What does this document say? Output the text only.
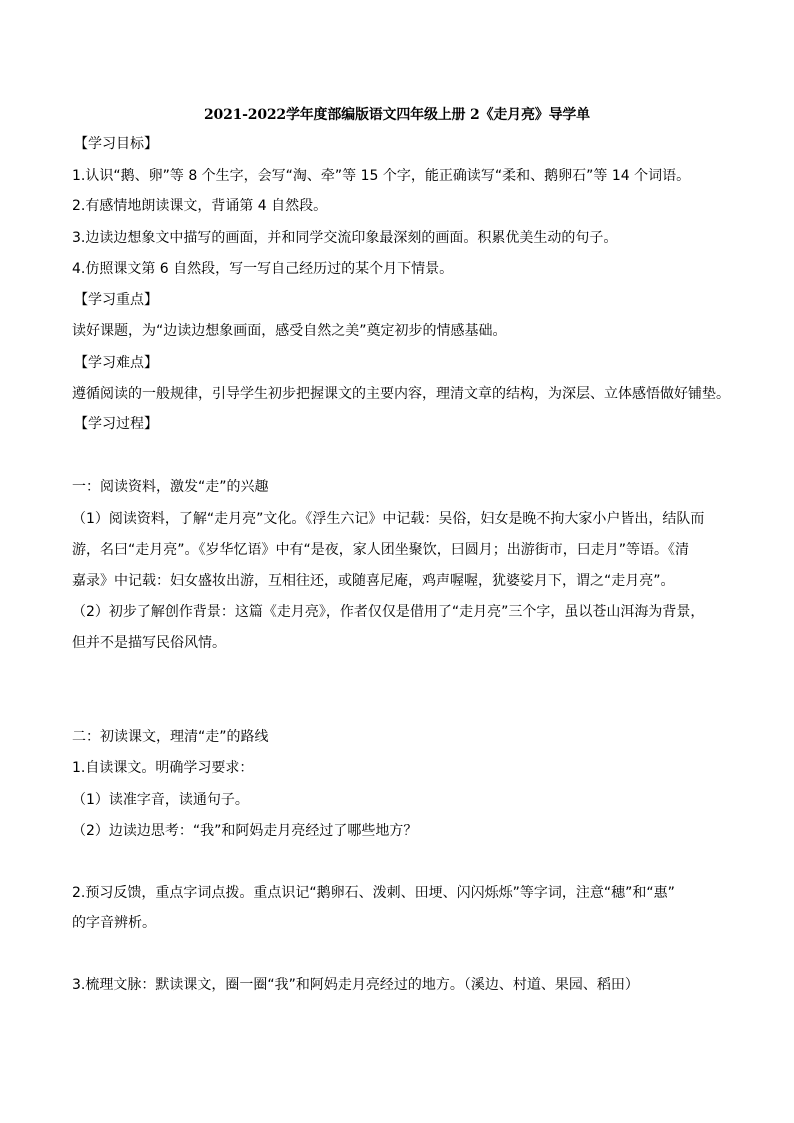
2021-2022学年度部编版语文四年级上册 2《走月亮》导学单
【学习目标】
1.认识“鹅、卵”等 8 个生字，会写“淘、牵”等 15 个字，能正确读写“柔和、鹅卵石”等 14 个词语。
2.有感情地朗读课文，背诵第 4 自然段。
3.边读边想象文中描写的画面，并和同学交流印象最深刻的画面。积累优美生动的句子。
4.仿照课文第 6 自然段，写一写自己经历过的某个月下情景。
【学习重点】
读好课题，为“边读边想象画面，感受自然之美”奠定初步的情感基础。
【学习难点】
遵循阅读的一般规律，引导学生初步把握课文的主要内容，理清文章的结构，为深层、立体感悟做好铺垫。
【学习过程】
一：阅读资料，激发“走”的兴趣
（1）阅读资料，了解“走月亮”文化。《浮生六记》中记载：吴俗，妇女是晚不拘大家小户皆出，结队而
游，名曰“走月亮”。《岁华忆语》中有“是夜，家人团坐聚饮，曰圆月；出游街市，曰走月”等语。《清
嘉录》中记载：妇女盛妆出游，互相往还，或随喜尼庵，鸡声喔喔，犹婆娑月下，谓之“走月亮”。
（2）初步了解创作背景：这篇《走月亮》，作者仅仅是借用了“走月亮”三个字，虽以苍山洱海为背景，
但并不是描写民俗风情。
二：初读课文，理清“走”的路线
1.自读课文。明确学习要求：
（1）读准字音，读通句子。
（2）边读边思考：“我”和阿妈走月亮经过了哪些地方？
2.预习反馈，重点字词点拨。重点识记“鹅卵石、泼刺、田埂、闪闪烁烁”等字词，注意“穗”和“惠”
的字音辨析。
3.梳理文脉：默读课文，圈一圈“我”和阿妈走月亮经过的地方。（溪边、村道、果园、稻田）
